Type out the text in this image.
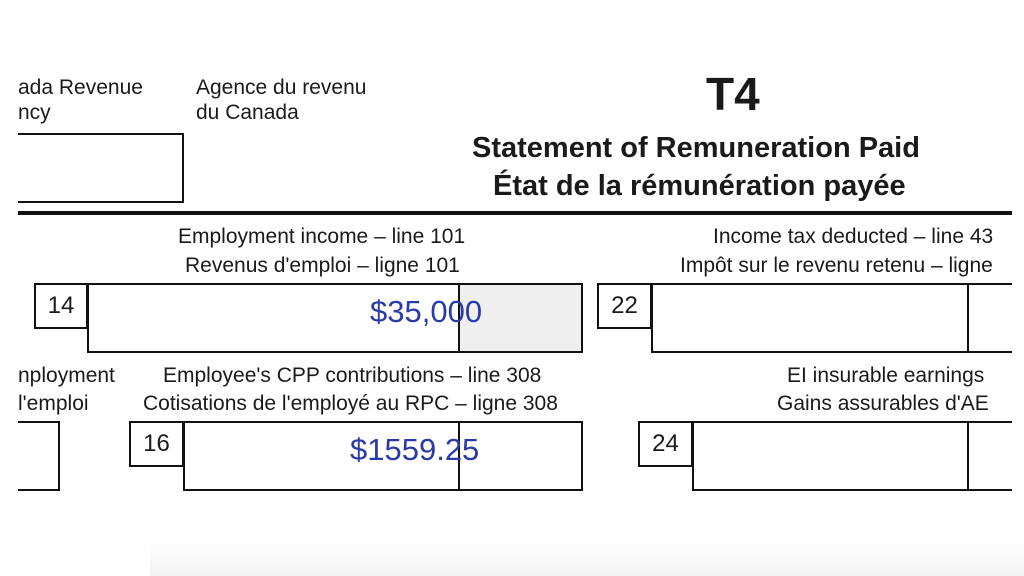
ada Revenue
ncy
Agence du revenu
du Canada	T4
Statement of Remuneration Paid
État de la rémunération payée
Employment income – line 101
Revenus d'emploi – ligne 101
14	$35,000
Income tax deducted – line 43
Impôt sur le revenu retenu – ligne
22
nployment
l'emploi
Employee's CPP contributions – line 308
Cotisations de l'employé au RPC – ligne 308
16	$1559.25
EI insurable earnings
Gains assurables d'AE
24
